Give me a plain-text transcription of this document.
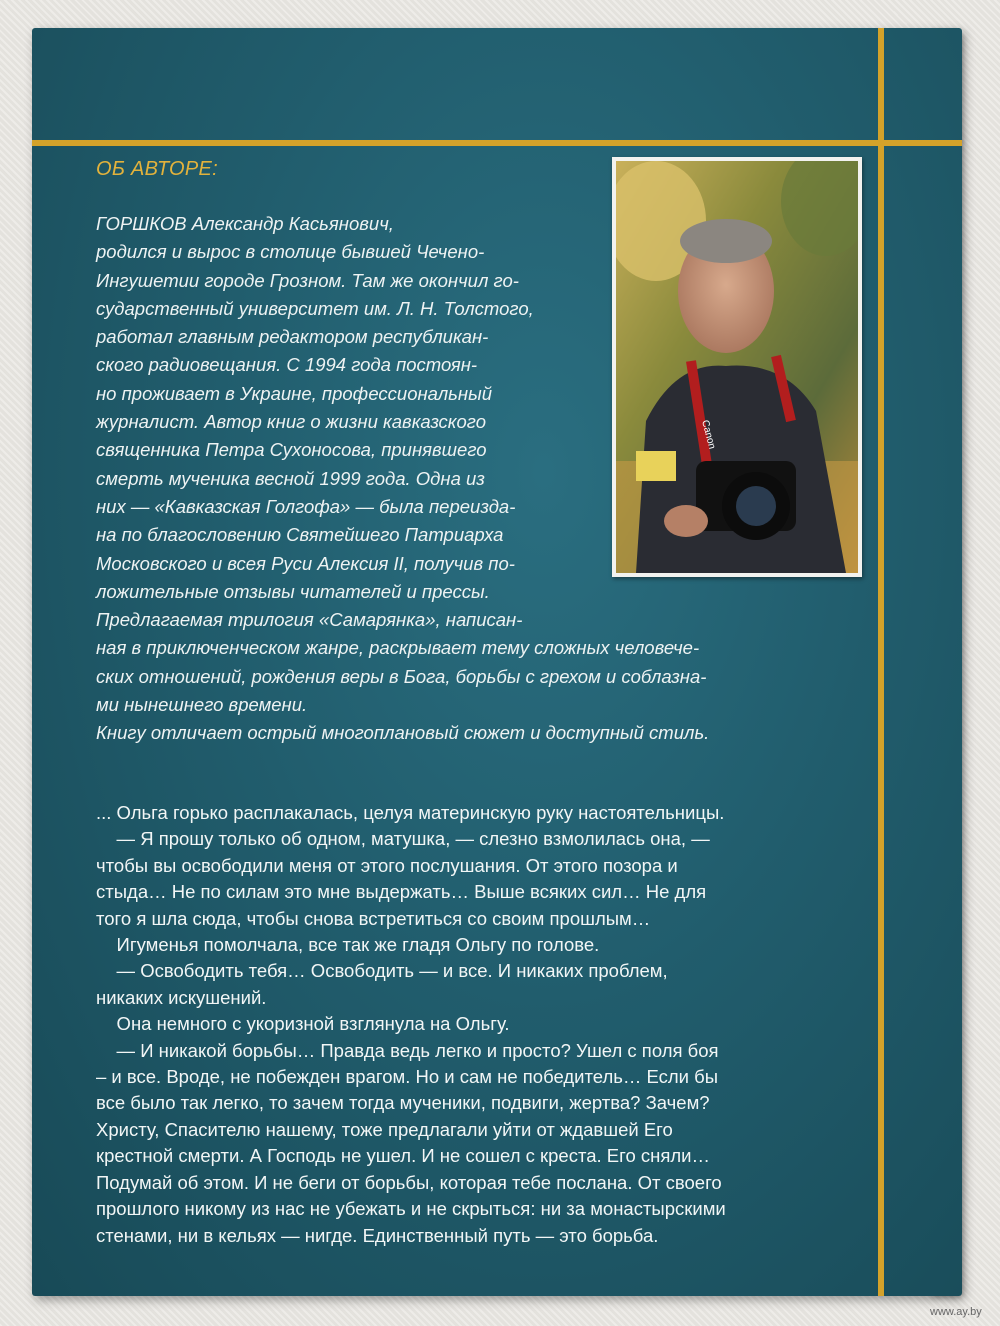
ОБ АВТОРЕ:
Canon
ГОРШКОВ Александр Касьянович,
родился и вырос в столице бывшей Чечено-
Ингушетии городе Грозном. Там же окончил го-
сударственный университет им. Л. Н. Толстого,
работал главным редактором республикан-
ского радиовещания. С 1994 года постоян-
но проживает в Украине, профессиональный
журналист. Автор книг о жизни кавказского
священника Петра Сухоносова, принявшего
смерть мученика весной 1999 года. Одна из
них — «Кавказская Голгофа» — была переизда-
на по благословению Святейшего Патриарха
Московского и всея Руси Алексия II, получив по-
ложительные отзывы читателей и прессы.
Предлагаемая трилогия «Самарянка», написан-
ная в приключенческом жанре, раскрывает тему сложных человече-
ских отношений, рождения веры в Бога, борьбы с грехом и соблазна-
ми нынешнего времени.
Книгу отличает острый многоплановый сюжет и доступный стиль.
... Ольга горько расплакалась, целуя материнскую руку настоятельницы.
— Я прошу только об одном, матушка, — слезно взмолилась она, —
чтобы вы освободили меня от этого послушания. От этого позора и
стыда… Не по силам это мне выдержать… Выше всяких сил… Не для
того я шла сюда, чтобы снова встретиться со своим прошлым…
Игуменья помолчала, все так же гладя Ольгу по голове.
— Освободить тебя… Освободить — и все. И никаких проблем,
никаких искушений.
Она немного с укоризной взглянула на Ольгу.
— И никакой борьбы… Правда ведь легко и просто? Ушел с поля боя
– и все. Вроде, не побежден врагом. Но и сам не победитель… Если бы
все было так легко, то зачем тогда мученики, подвиги, жертва? Зачем?
Христу, Спасителю нашему, тоже предлагали уйти от ждавшей Его
крестной смерти. А Господь не ушел. И не сошел с креста. Его сняли…
Подумай об этом. И не беги от борьбы, которая тебе послана. От своего
прошлого никому из нас не убежать и не скрыться: ни за монастырскими
стенами, ни в кельях — нигде. Единственный путь — это борьба.
www.ay.by
